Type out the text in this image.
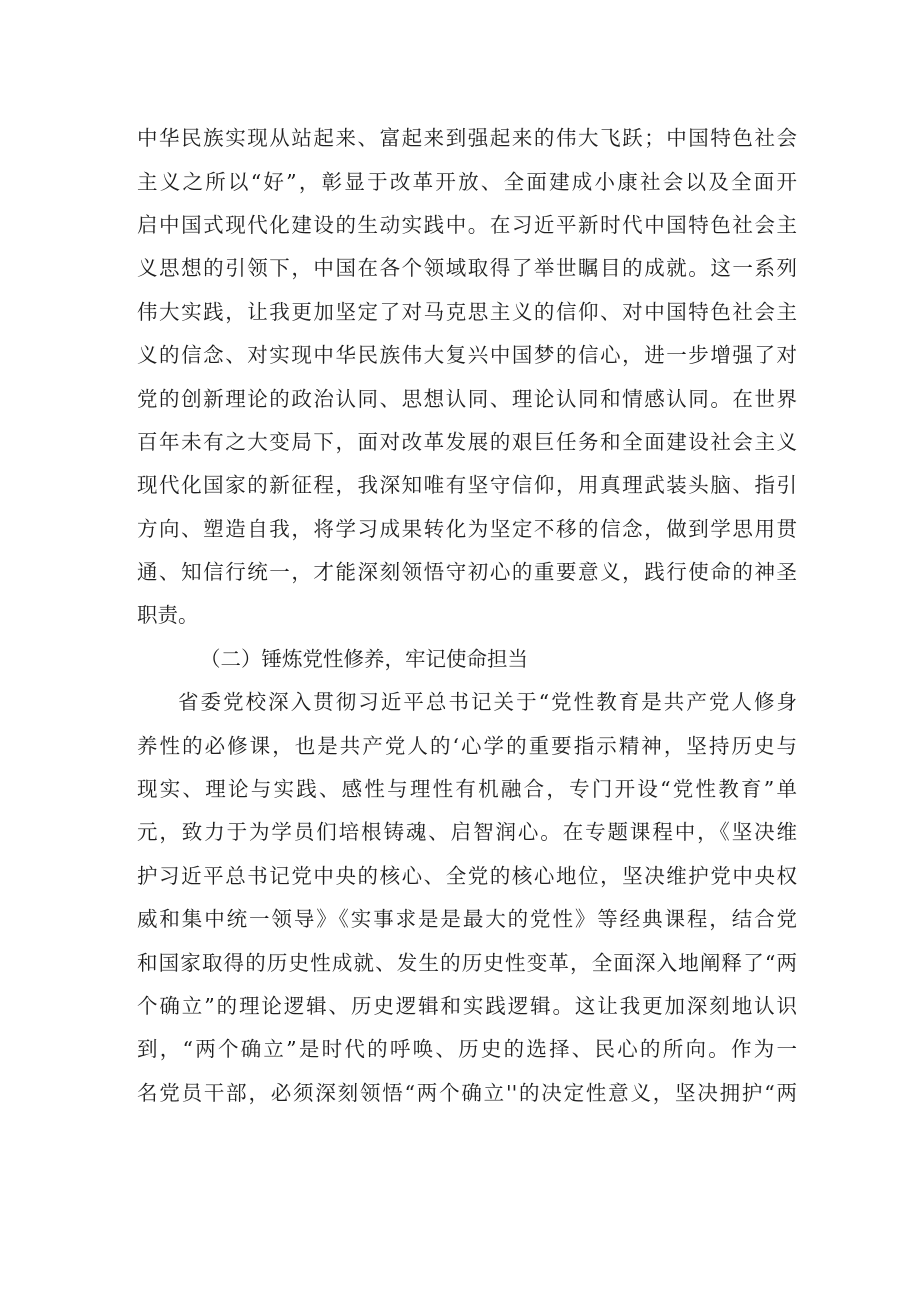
中华民族实现从站起来、富起来到强起来的伟大飞跃；中国特色社会
主义之所以“好”，彰显于改革开放、全面建成小康社会以及全面开
启中国式现代化建设的生动实践中。在习近平新时代中国特色社会主
义思想的引领下，中国在各个领域取得了举世瞩目的成就。这一系列
伟大实践，让我更加坚定了对马克思主义的信仰、对中国特色社会主
义的信念、对实现中华民族伟大复兴中国梦的信心，进一步增强了对
党的创新理论的政治认同、思想认同、理论认同和情感认同。在世界
百年未有之大变局下，面对改革发展的艰巨任务和全面建设社会主义
现代化国家的新征程，我深知唯有坚守信仰，用真理武装头脑、指引
方向、塑造自我，将学习成果转化为坚定不移的信念，做到学思用贯
通、知信行统一，才能深刻领悟守初心的重要意义，践行使命的神圣
职责。
（二）锤炼党性修养，牢记使命担当
省委党校深入贯彻习近平总书记关于“党性教育是共产党人修身
养性的必修课，也是共产党人的‘心学的重要指示精神，坚持历史与
现实、理论与实践、感性与理性有机融合，专门开设“党性教育”单
元，致力于为学员们培根铸魂、启智润心。在专题课程中，《坚决维
护习近平总书记党中央的核心、全党的核心地位，坚决维护党中央权
威和集中统一领导》《实事求是是最大的党性》等经典课程，结合党
和国家取得的历史性成就、发生的历史性变革，全面深入地阐释了“两
个确立”的理论逻辑、历史逻辑和实践逻辑。这让我更加深刻地认识
到，“两个确立”是时代的呼唤、历史的选择、民心的所向。作为一
名党员干部，必须深刻领悟“两个确立''的决定性意义，坚决拥护“两
